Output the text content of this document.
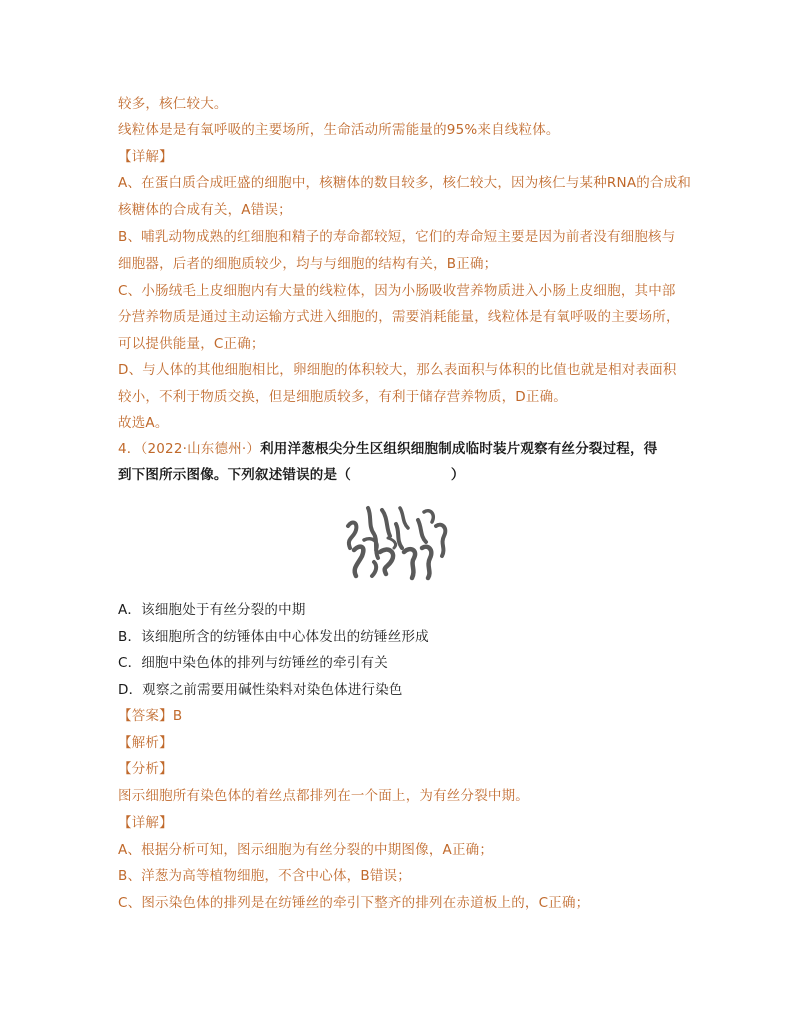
较多，核仁较大。
线粒体是是有氧呼吸的主要场所，生命活动所需能量的95%来自线粒体。
【详解】
A、在蛋白质合成旺盛的细胞中，核糖体的数目较多，核仁较大，因为核仁与某种RNA的合成和
核糖体的合成有关，A错误；
B、哺乳动物成熟的红细胞和精子的寿命都较短，它们的寿命短主要是因为前者没有细胞核与
细胞器，后者的细胞质较少，均与与细胞的结构有关，B正确；
C、小肠绒毛上皮细胞内有大量的线粒体，因为小肠吸收营养物质进入小肠上皮细胞，其中部
分营养物质是通过主动运输方式进入细胞的，需要消耗能量，线粒体是有氧呼吸的主要场所，
可以提供能量，C正确；
D、与人体的其他细胞相比，卵细胞的体积较大，那么表面积与体积的比值也就是相对表面积
较小，不利于物质交换，但是细胞质较多，有利于储存营养物质，D正确。
故选A。
4．（2022·山东德州·）利用洋葱根尖分生区组织细胞制成临时装片观察有丝分裂过程，得
到下图所示图像。下列叙述错误的是（	）
A．该细胞处于有丝分裂的中期
B．该细胞所含的纺锤体由中心体发出的纺锤丝形成
C．细胞中染色体的排列与纺锤丝的牵引有关
D．观察之前需要用碱性染料对染色体进行染色
【答案】B
【解析】
【分析】
图示细胞所有染色体的着丝点都排列在一个面上，为有丝分裂中期。
【详解】
A、根据分析可知，图示细胞为有丝分裂的中期图像，A正确；
B、洋葱为高等植物细胞，不含中心体，B错误；
C、图示染色体的排列是在纺锤丝的牵引下整齐的排列在赤道板上的，C正确；
